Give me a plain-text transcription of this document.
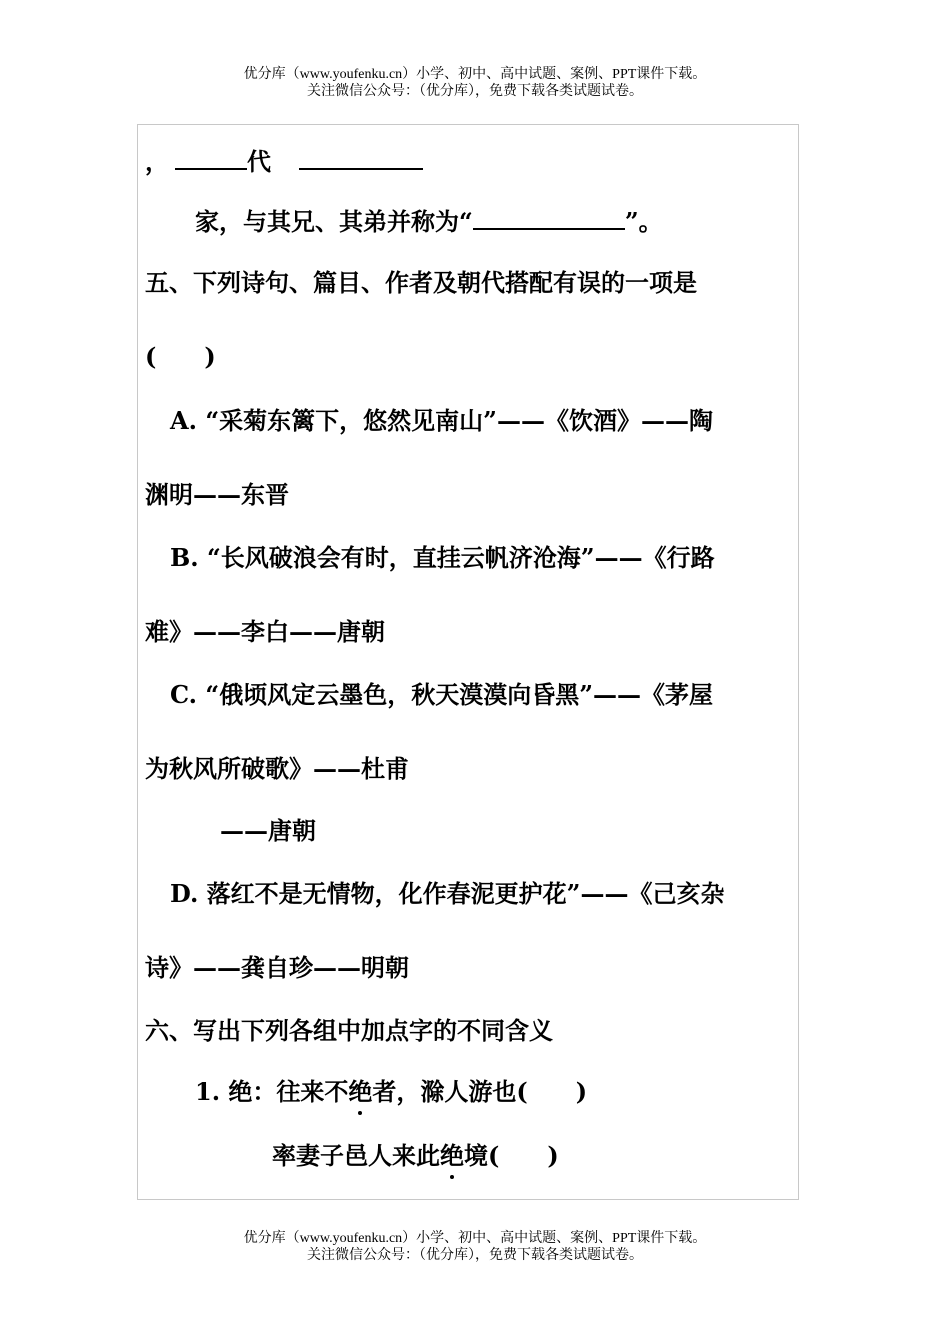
优分库（www.youfenku.cn）小学、初中、高中试题、案例、PPT课件下载。
关注微信公众号：（优分库），免费下载各类试题试卷。
，	代
家，与其兄、其弟并称为“	”。
五、下列诗句、篇目、作者及朝代搭配有误的一项是
(　　)
A. “采菊东篱下，悠然见南山”——《饮酒》——陶
渊明——东晋
B. “长风破浪会有时，直挂云帆济沧海”——《行路
难》——李白——唐朝
C. “俄顷风定云墨色，秋天漠漠向昏黑”——《茅屋
为秋风所破歌》——杜甫
——唐朝
D. 落红不是无情物，化作春泥更护花”——《己亥杂
诗》——龚自珍——明朝
六、写出下列各组中加点字的不同含义
1. 绝：往来不绝者，滁人游也(　　)
率妻子邑人来此绝境(　　)
优分库（www.youfenku.cn）小学、初中、高中试题、案例、PPT课件下载。
关注微信公众号：（优分库），免费下载各类试题试卷。
